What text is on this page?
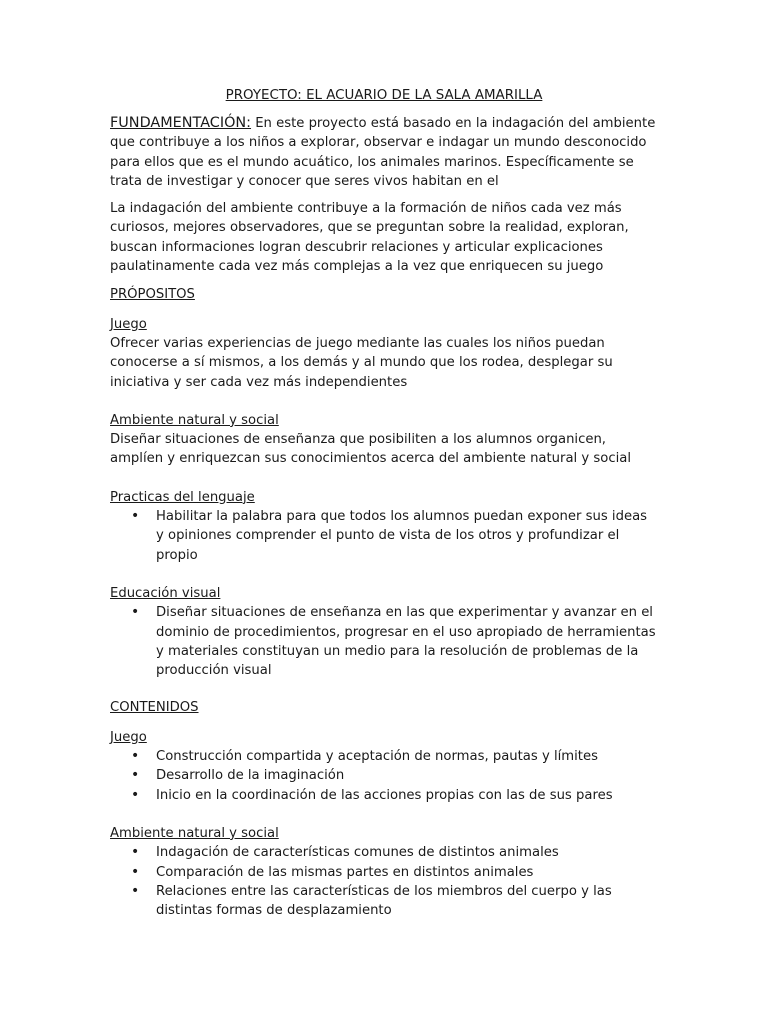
PROYECTO: EL ACUARIO DE LA SALA AMARILLA

FUNDAMENTACIÓN: En este proyecto está basado en la indagación del ambiente que contribuye a los niños a explorar, observar e indagar un mundo desconocido para ellos que es el mundo acuático, los animales marinos. Específicamente se trata de investigar y conocer que seres vivos habitan en el

La indagación del ambiente contribuye a la formación de niños cada vez más curiosos, mejores observadores, que se preguntan sobre la realidad, exploran, buscan informaciones logran descubrir relaciones y articular explicaciones paulatinamente cada vez más complejas a la vez que enriquecen su juego

PRÓPOSITOS

Juego

Ofrecer varias experiencias de juego mediante las cuales los niños puedan conocerse a sí mismos, a los demás y al mundo que los rodea, desplegar su iniciativa y ser cada vez más independientes

Ambiente natural y social

Diseñar situaciones de enseñanza que posibiliten a los alumnos organicen, amplíen y enriquezcan sus conocimientos acerca del ambiente natural y social

Practicas del lenguaje

• Habilitar la palabra para que todos los alumnos puedan exponer sus ideas y opiniones comprender el punto de vista de los otros y profundizar el propio

Educación visual

• Diseñar situaciones de enseñanza en las que experimentar y avanzar en el dominio de procedimientos, progresar en el uso apropiado de herramientas y materiales constituyan un medio para la resolución de problemas de la producción visual

CONTENIDOS

Juego

• Construcción compartida y aceptación de normas, pautas y límites
• Desarrollo de la imaginación
• Inicio en la coordinación de las acciones propias con las de sus pares

Ambiente natural y social

• Indagación de características comunes de distintos animales
• Comparación de las mismas partes en distintos animales
• Relaciones entre las características de los miembros del cuerpo y las distintas formas de desplazamiento
